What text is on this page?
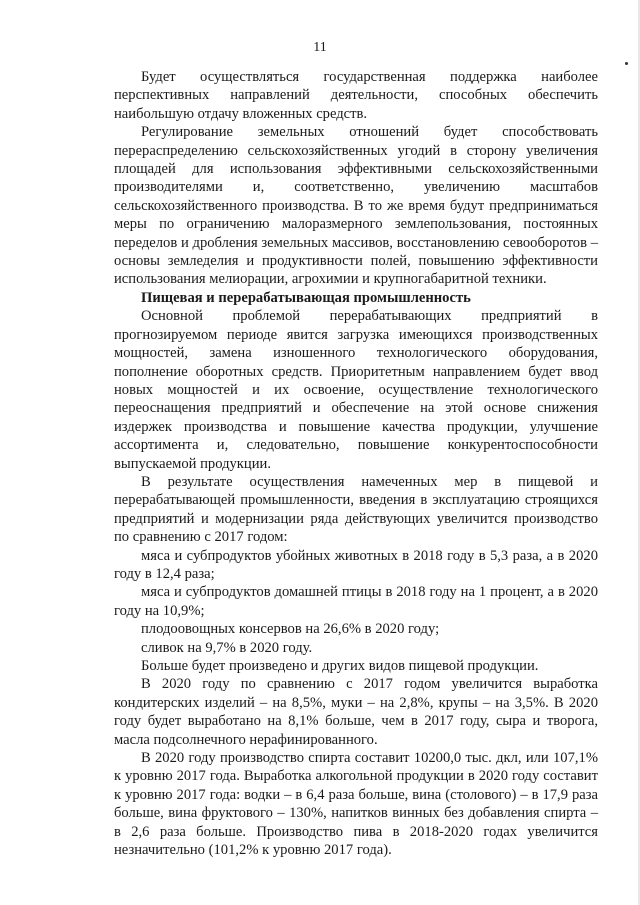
11

Будет осуществляться государственная поддержка наиболее перспективных направлений деятельности, способных обеспечить наибольшую отдачу вложенных средств.

Регулирование земельных отношений будет способствовать перераспределению сельскохозяйственных угодий в сторону увеличения площадей для использования эффективными сельскохозяйственными производителями и, соответственно, увеличению масштабов сельскохозяйственного производства. В то же время будут предприниматься меры по ограничению малоразмерного землепользования, постоянных переделов и дробления земельных массивов, восстановлению севооборотов – основы земледелия и продуктивности полей, повышению эффективности использования мелиорации, агрохимии и крупногабаритной техники.

Пищевая и перерабатывающая промышленность

Основной проблемой перерабатывающих предприятий в прогнозируемом периоде явится загрузка имеющихся производственных мощностей, замена изношенного технологического оборудования, пополнение оборотных средств. Приоритетным направлением будет ввод новых мощностей и их освоение, осуществление технологического переоснащения предприятий и обеспечение на этой основе снижения издержек производства и повышение качества продукции, улучшение ассортимента и, следовательно, повышение конкурентоспособности выпускаемой продукции.

В результате осуществления намеченных мер в пищевой и перерабатывающей промышленности, введения в эксплуатацию строящихся предприятий и модернизации ряда действующих увеличится производство по сравнению с 2017 годом:

мяса и субпродуктов убойных животных в 2018 году в 5,3 раза, а в 2020 году в 12,4 раза;

мяса и субпродуктов домашней птицы в 2018 году на 1 процент, а в 2020 году на 10,9%;

плодоовощных консервов на 26,6% в 2020 году;

сливок на 9,7% в 2020 году.

Больше будет произведено и других видов пищевой продукции.

В 2020 году по сравнению с 2017 годом увеличится выработка кондитерских изделий – на 8,5%, муки – на 2,8%, крупы – на 3,5%. В 2020 году будет выработано на 8,1% больше, чем в 2017 году, сыра и творога, масла подсолнечного нерафинированного.

В 2020 году производство спирта составит 10200,0 тыс. дкл, или 107,1% к уровню 2017 года. Выработка алкогольной продукции в 2020 году составит к уровню 2017 года: водки – в 6,4 раза больше, вина (столового) – в 17,9 раза больше, вина фруктового – 130%, напитков винных без добавления спирта – в 2,6 раза больше. Производство пива в 2018-2020 годах увеличится незначительно (101,2% к уровню 2017 года).
